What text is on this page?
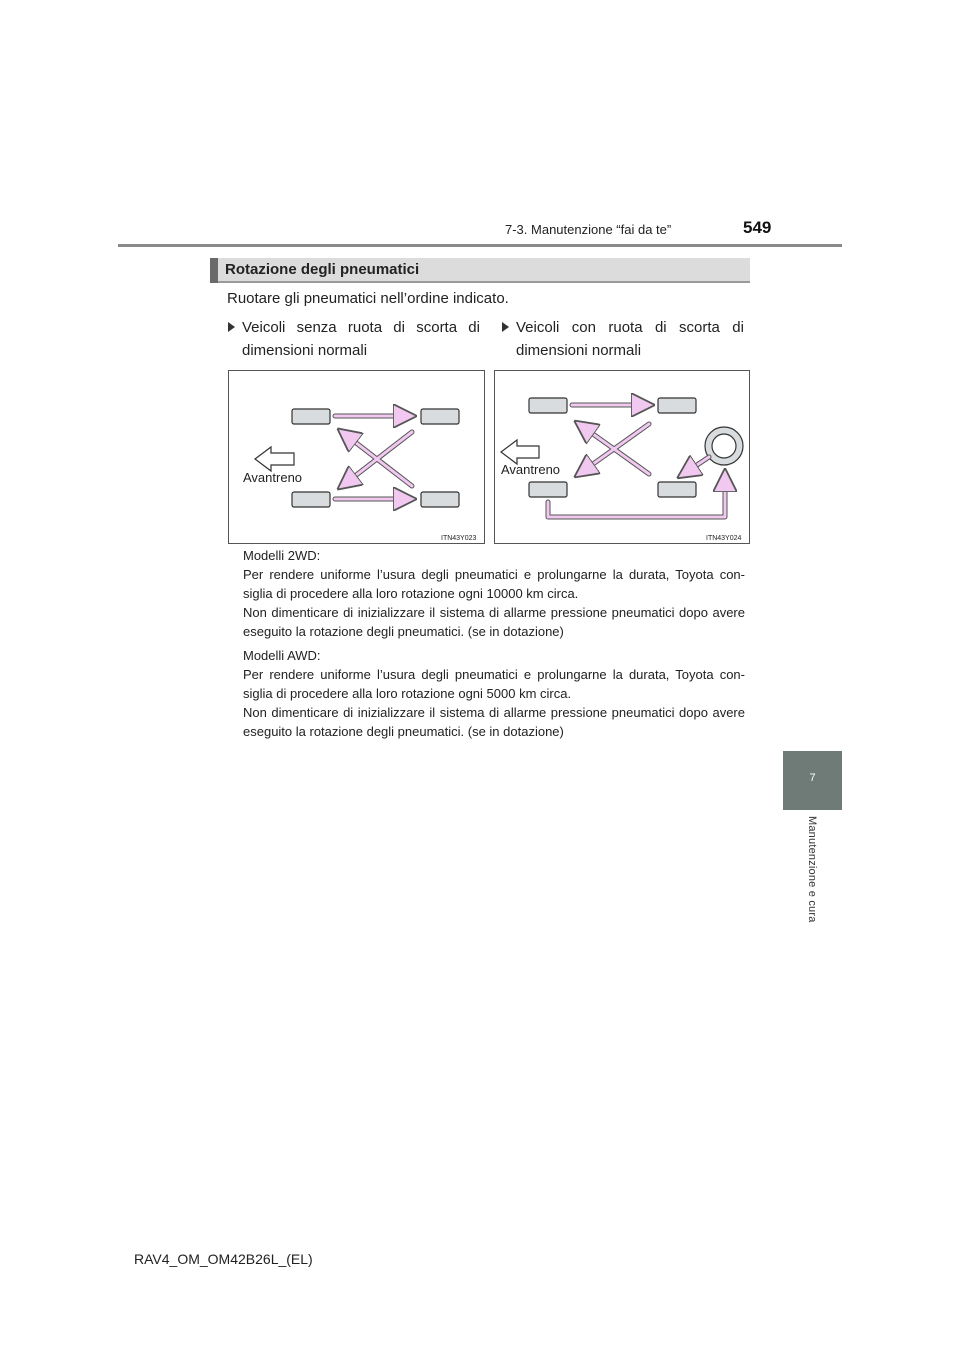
7-3. Manutenzione “fai da te”	549
7
Manutenzione e cura
Rotazione degli pneumatici
Ruotare gli pneumatici nell’ordine indicato.
Veicoli senza ruota di scorta di dimensioni normali
Veicoli con ruota di scorta di dimensioni normali
Avantreno
ITN43Y023
Avantreno
ITN43Y024
Modelli 2WD:
Per rendere uniforme l’usura degli pneumatici e prolungarne la durata, Toyota con-siglia di procedere alla loro rotazione ogni 10000 km circa.
Non dimenticare di inizializzare il sistema di allarme pressione pneumatici dopo avere eseguito la rotazione degli pneumatici. (se in dotazione)
Modelli AWD:
Per rendere uniforme l’usura degli pneumatici e prolungarne la durata, Toyota con-siglia di procedere alla loro rotazione ogni 5000 km circa.
Non dimenticare di inizializzare il sistema di allarme pressione pneumatici dopo avere eseguito la rotazione degli pneumatici. (se in dotazione)
RAV4_OM_OM42B26L_(EL)
